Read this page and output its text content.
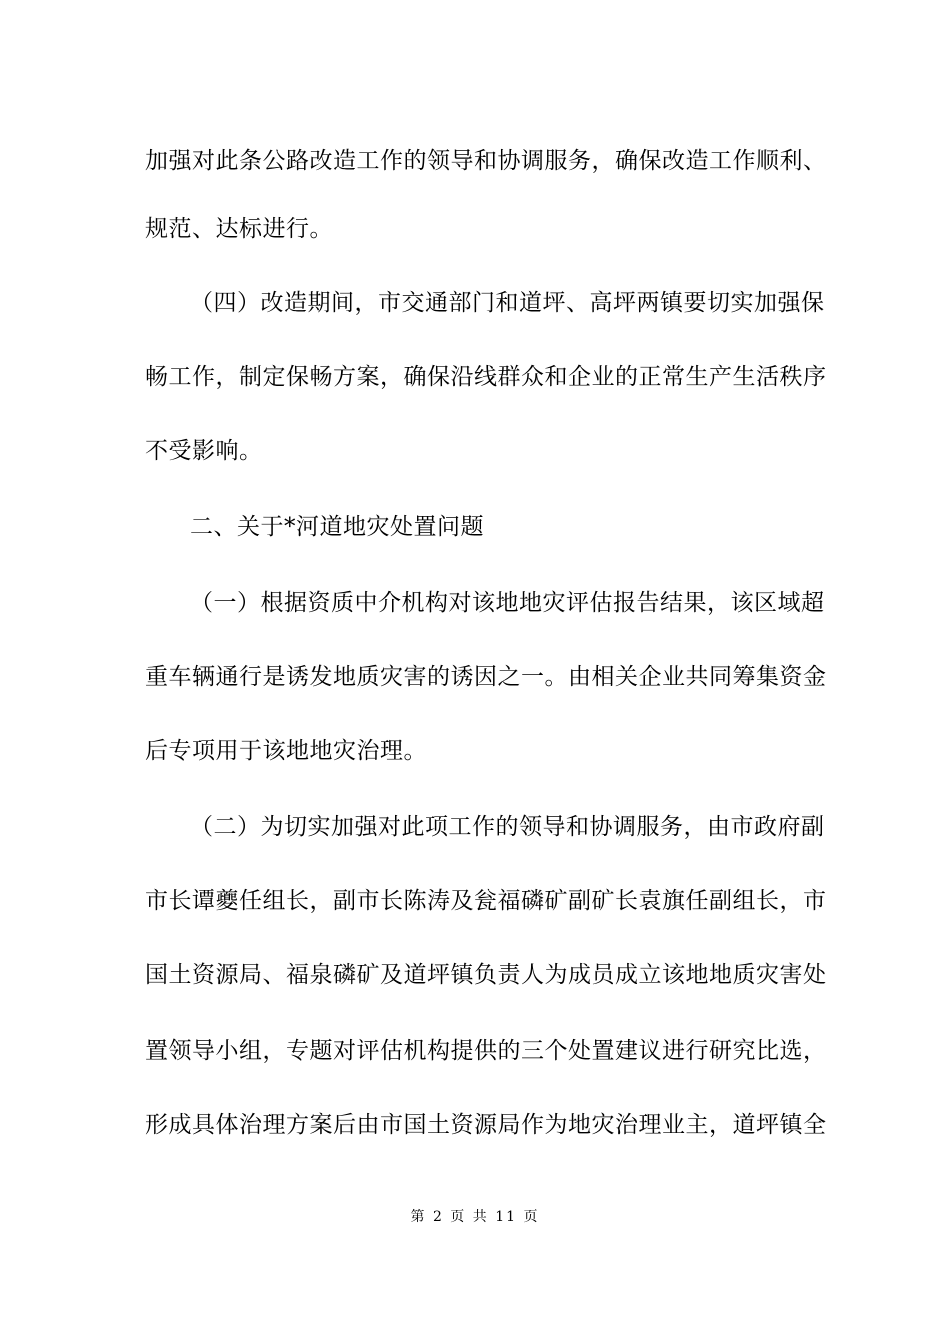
加强对此条公路改造工作的领导和协调服务，确保改造工作顺利、
规范、达标进行。
（四）改造期间，市交通部门和道坪、高坪两镇要切实加强保
畅工作，制定保畅方案，确保沿线群众和企业的正常生产生活秩序
不受影响。
二、关于*河道地灾处置问题
（一）根据资质中介机构对该地地灾评估报告结果，该区域超
重车辆通行是诱发地质灾害的诱因之一。由相关企业共同筹集资金
后专项用于该地地灾治理。
（二）为切实加强对此项工作的领导和协调服务，由市政府副
市长谭夔任组长，副市长陈涛及瓮福磷矿副矿长袁旗任副组长，市
国土资源局、福泉磷矿及道坪镇负责人为成员成立该地地质灾害处
置领导小组，专题对评估机构提供的三个处置建议进行研究比选，
形成具体治理方案后由市国土资源局作为地灾治理业主，道坪镇全
第 2 页 共 11 页
